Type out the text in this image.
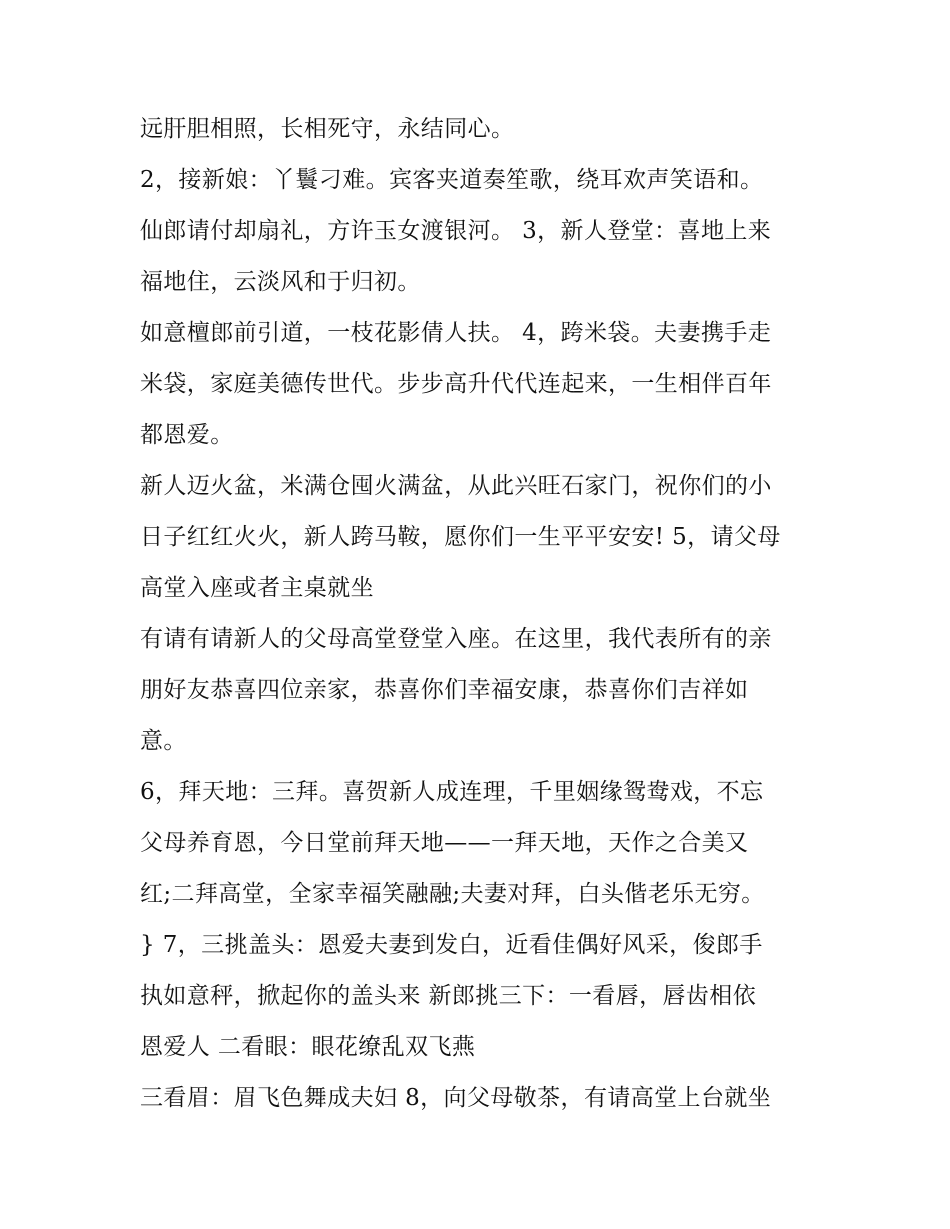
远肝胆相照，长相死守，永结同心。
2，接新娘：丫鬟刁难。宾客夹道奏笙歌，绕耳欢声笑语和。
仙郎请付却扇礼，方许玉女渡银河。 3，新人登堂：喜地上来
福地住，云淡风和于归初。
如意檀郎前引道，一枝花影倩人扶。 4，跨米袋。夫妻携手走
米袋，家庭美德传世代。步步高升代代连起来，一生相伴百年
都恩爱。
新人迈火盆，米满仓囤火满盆，从此兴旺石家门，祝你们的小
日子红红火火，新人跨马鞍，愿你们一生平平安安! 5，请父母
高堂入座或者主桌就坐
有请有请新人的父母高堂登堂入座。在这里，我代表所有的亲
朋好友恭喜四位亲家，恭喜你们幸福安康，恭喜你们吉祥如
意。
6，拜天地：三拜。喜贺新人成连理，千里姻缘鸳鸯戏，不忘
父母养育恩，今日堂前拜天地——一拜天地，天作之合美又
红;二拜高堂，全家幸福笑融融;夫妻对拜，白头偕老乐无穷。
} 7，三挑盖头：恩爱夫妻到发白，近看佳偶好风采，俊郎手
执如意秤，掀起你的盖头来 新郎挑三下：一看唇，唇齿相依
恩爱人 二看眼：眼花缭乱双飞燕
三看眉：眉飞色舞成夫妇 8，向父母敬茶，有请高堂上台就坐
